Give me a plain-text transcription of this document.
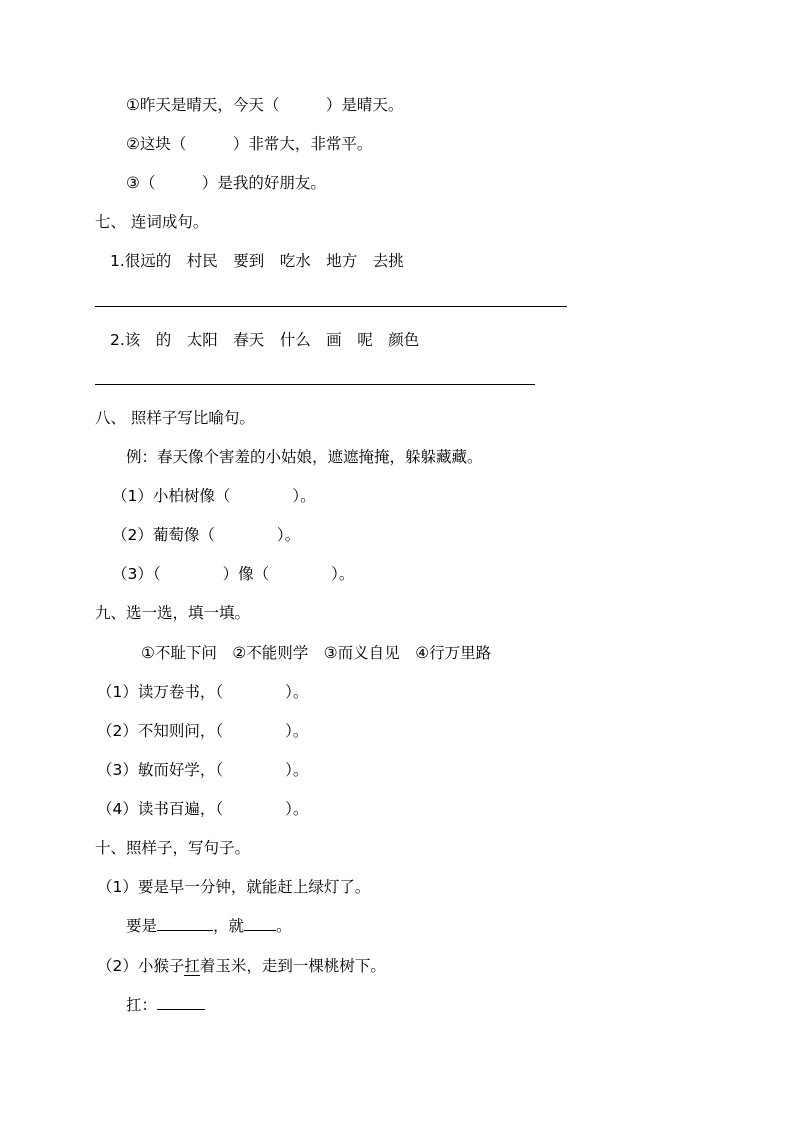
①昨天是晴天，今天（　　　）是晴天。
②这块（　　　）非常大，非常平。
③（　　　）是我的好朋友。
七、 连词成句。
1.很远的　村民　要到　吃水　地方　去挑
2.该　的　太阳　春天　什么　画　呢　颜色
八、 照样子写比喻句。
例：春天像个害羞的小姑娘，遮遮掩掩，躲躲藏藏。
（1）小柏树像（　　　　）。
（2）葡萄像（　　　　）。
（3）（　　　　）像（　　　　）。
九、选一选，填一填。
①不耻下问　②不能则学　③而义自见　④行万里路
（1）读万卷书，（　　　　）。
（2）不知则问，（　　　　）。
（3）敏而好学，（　　　　）。
（4）读书百遍，（　　　　）。
十、照样子，写句子。
（1）要是早一分钟，就能赶上绿灯了。
要是	，就 。
（2）小猴子扛着玉米，走到一棵桃树下。
扛：
